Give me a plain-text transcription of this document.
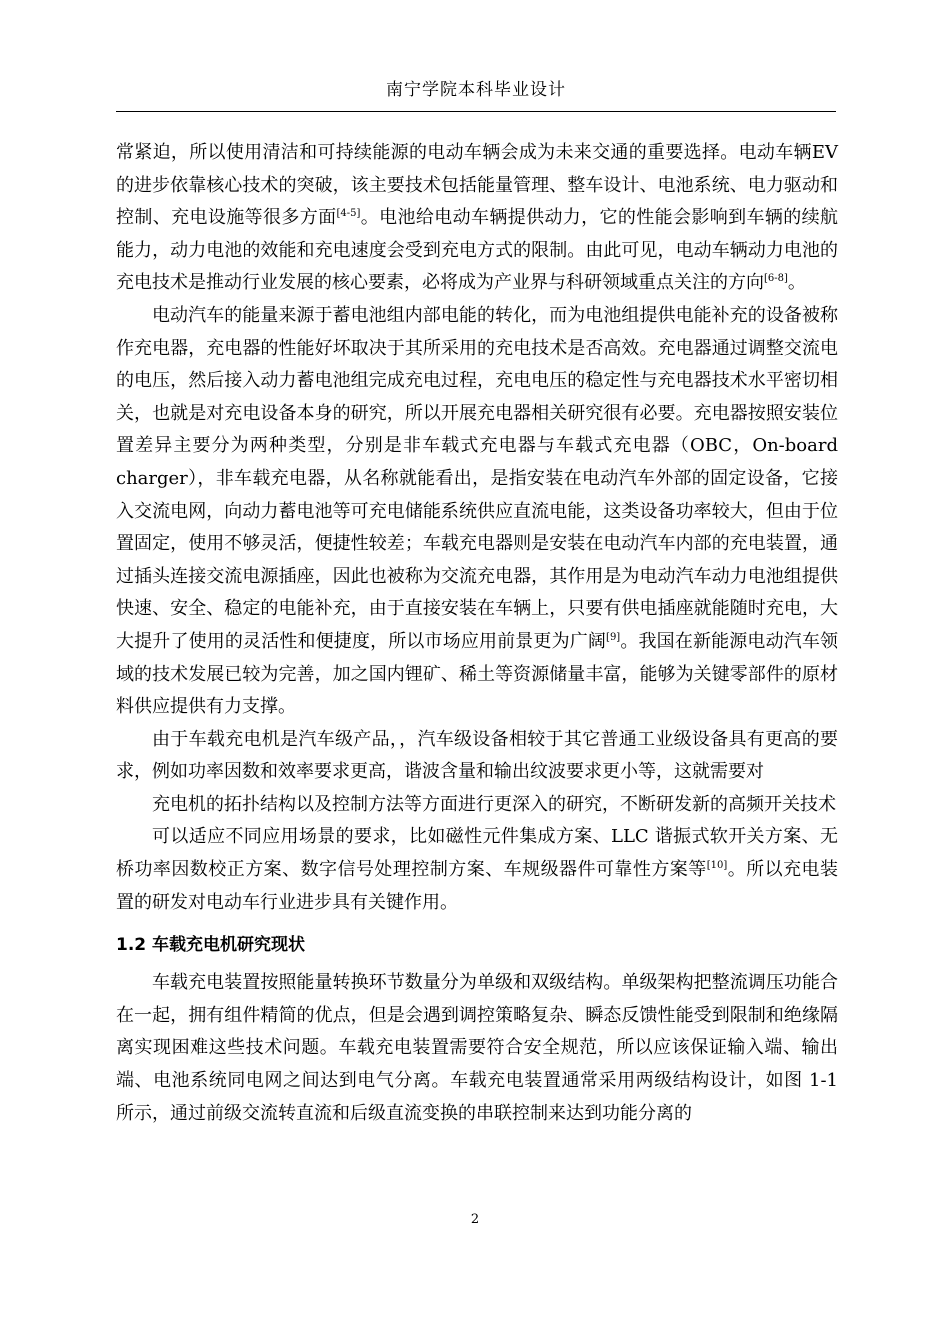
南宁学院本科毕业设计

常紧迫，所以使用清洁和可持续能源的电动车辆会成为未来交通的重要选择。电动车辆EV的进步依靠核心技术的突破，该主要技术包括能量管理、整车设计、电池系统、电力驱动和控制、充电设施等很多方面[4-5]。电池给电动车辆提供动力，它的性能会影响到车辆的续航能力，动力电池的效能和充电速度会受到充电方式的限制。由此可见，电动车辆动力电池的充电技术是推动行业发展的核心要素，必将成为产业界与科研领域重点关注的方向[6-8]。

电动汽车的能量来源于蓄电池组内部电能的转化，而为电池组提供电能补充的设备被称作充电器，充电器的性能好坏取决于其所采用的充电技术是否高效。充电器通过调整交流电的电压，然后接入动力蓄电池组完成充电过程，充电电压的稳定性与充电器技术水平密切相关，也就是对充电设备本身的研究，所以开展充电器相关研究很有必要。充电器按照安装位置差异主要分为两种类型，分别是非车载式充电器与车载式充电器（OBC，On-board charger），非车载充电器，从名称就能看出，是指安装在电动汽车外部的固定设备，它接入交流电网，向动力蓄电池等可充电储能系统供应直流电能，这类设备功率较大，但由于位置固定，使用不够灵活，便捷性较差；车载充电器则是安装在电动汽车内部的充电装置，通过插头连接交流电源插座，因此也被称为交流充电器，其作用是为电动汽车动力电池组提供快速、安全、稳定的电能补充，由于直接安装在车辆上，只要有供电插座就能随时充电，大大提升了使用的灵活性和便捷度，所以市场应用前景更为广阔[9]。我国在新能源电动汽车领域的技术发展已较为完善，加之国内锂矿、稀土等资源储量丰富，能够为关键零部件的原材料供应提供有力支撑。

由于车载充电机是汽车级产品，，汽车级设备相较于其它普通工业级设备具有更高的要求，例如功率因数和效率要求更高，谐波含量和输出纹波要求更小等，这就需要对

充电机的拓扑结构以及控制方法等方面进行更深入的研究，不断研发新的高频开关技术

可以适应不同应用场景的要求，比如磁性元件集成方案、LLC 谐振式软开关方案、无桥功率因数校正方案、数字信号处理控制方案、车规级器件可靠性方案等[10]。所以充电装置的研发对电动车行业进步具有关键作用。

1.2 车载充电机研究现状

车载充电装置按照能量转换环节数量分为单级和双级结构。单级架构把整流调压功能合在一起，拥有组件精简的优点，但是会遇到调控策略复杂、瞬态反馈性能受到限制和绝缘隔离实现困难这些技术问题。车载充电装置需要符合安全规范，所以应该保证输入端、输出端、电池系统同电网之间达到电气分离。车载充电装置通常采用两级结构设计，如图 1-1 所示，通过前级交流转直流和后级直流变换的串联控制来达到功能分离的

2
